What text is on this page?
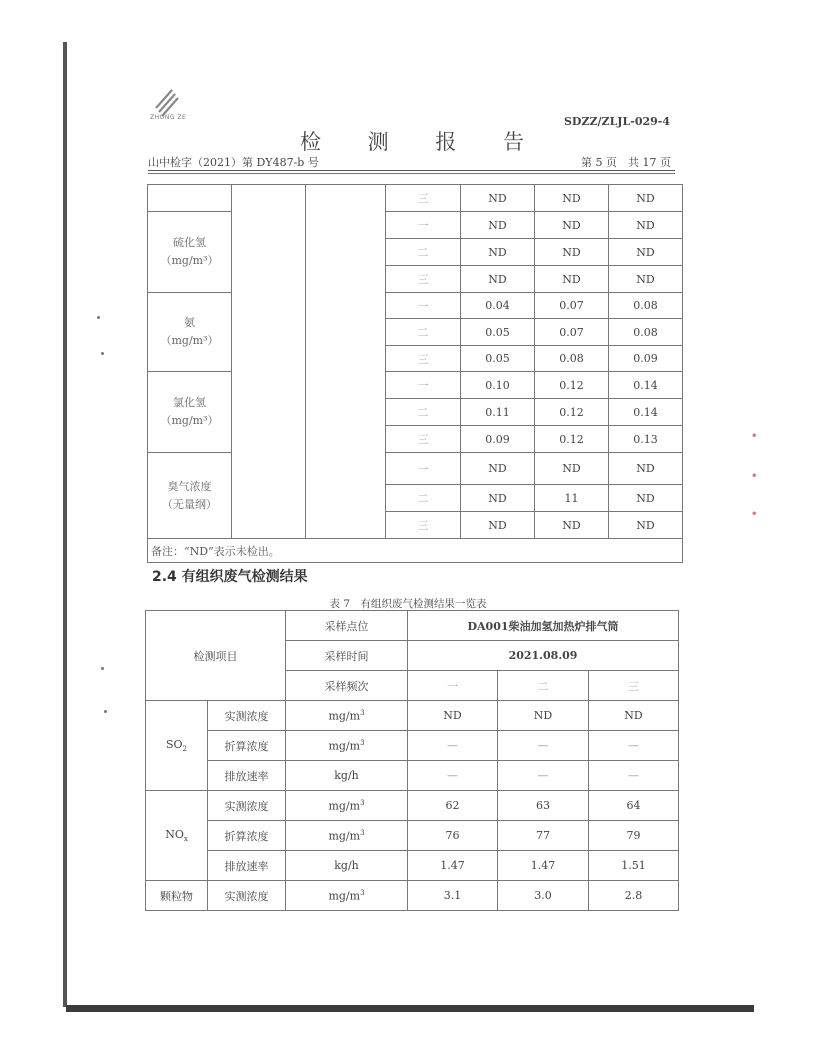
∙
∙
∙
ZHONG ZE	SDZZ/ZLJL-029-4
检 测 报 告
山中检字（2021）第 DY487-b 号	第 5 页　共 17 页
			三	ND	ND	ND	
硫化氢
（mg/m³）			一	ND	ND	ND	
			二	ND	ND	ND	
			三	ND	ND	ND	
氨
（mg/m³）			一	0.04	0.07	0.08	
			二	0.05	0.07	0.08	
			三	0.05	0.08	0.09	
氯化氢
（mg/m³）			一	0.10	0.12	0.14	
			二	0.11	0.12	0.14	
			三	0.09	0.12	0.13	
臭气浓度
（无量纲）			一	ND	ND	ND	
			二	ND	11	ND	
			三	ND	ND	ND	
备注：“ND”表示未检出。							
2.4 有组织废气检测结果
表 7　有组织废气检测结果一览表
检测项目		采样点位	DA001柴油加氢加热炉排气筒		
		采样时间	2021.08.09		
		采样频次	一	二	三
$SO_2$	实测浓度	$mg/m^3$	ND	ND	ND
	折算浓度	$mg/m^3$	—	—	—
	排放速率	kg/h	—	—	—
$NO_x$	实测浓度	$mg/m^3$	62	63	64
	折算浓度	$mg/m^3$	76	77	79
	排放速率	kg/h	1.47	1.47	1.51
颗粒物	实测浓度	$mg/m^3$	3.1	3.0	2.8
